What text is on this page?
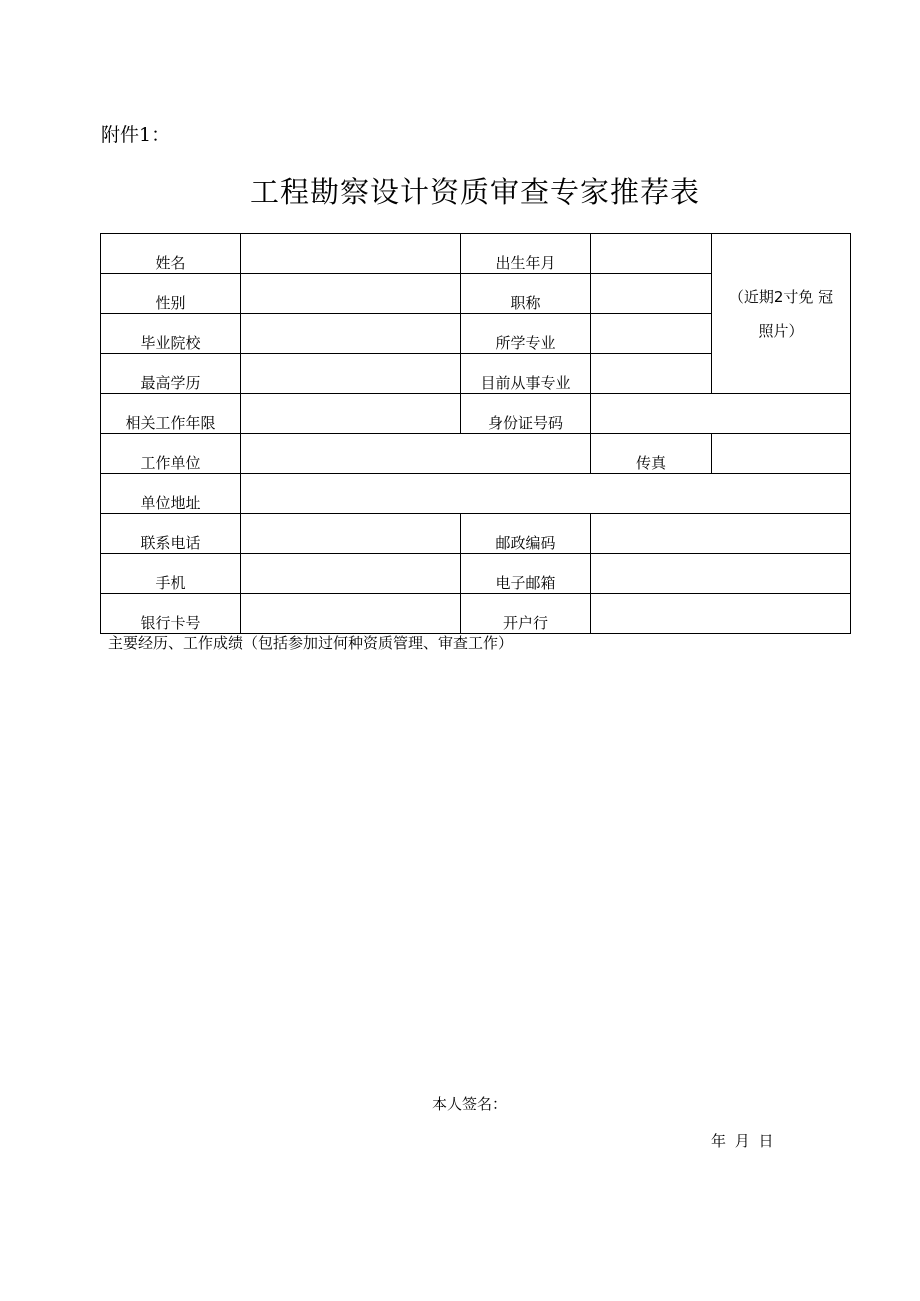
附件1：
工程勘察设计资质审查专家推荐表
姓名		出生年月		（近期2寸免 冠
照片）

性别		职称		
毕业院校		所学专业		
最高学历		目前从事专业		
相关工作年限		身份证号码		
工作单位			传真	
单位地址				
联系电话		邮政编码		
手机		电子邮箱		
银行卡号		开户行		
主要经历、工作成绩（包括参加过何种资质管理、审查工作）
本人签名：
年 月 日
